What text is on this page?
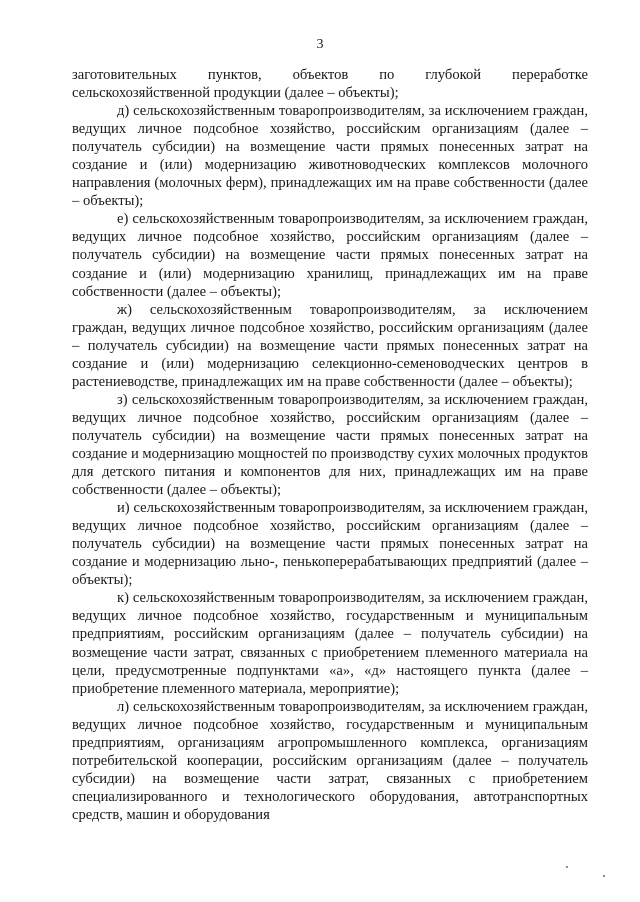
3

заготовительных пунктов, объектов по глубокой переработке сельскохозяйственной продукции (далее – объекты);

д) сельскохозяйственным товаропроизводителям, за исключением граждан, ведущих личное подсобное хозяйство, российским организациям (далее – получатель субсидии) на возмещение части прямых понесенных затрат на создание и (или) модернизацию животноводческих комплексов молочного направления (молочных ферм), принадлежащих им на праве собственности (далее – объекты);

е) сельскохозяйственным товаропроизводителям, за исключением граждан, ведущих личное подсобное хозяйство, российским организациям (далее – получатель субсидии) на возмещение части прямых понесенных затрат на создание и (или) модернизацию хранилищ, принадлежащих им на праве собственности (далее – объекты);

ж) сельскохозяйственным товаропроизводителям, за исключением граждан, ведущих личное подсобное хозяйство, российским организациям (далее – получатель субсидии) на возмещение части прямых понесенных затрат на создание и (или) модернизацию селекционно-семеноводческих центров в растениеводстве, принадлежащих им на праве собственности (далее – объекты);

з) сельскохозяйственным товаропроизводителям, за исключением граждан, ведущих личное подсобное хозяйство, российским организациям (далее – получатель субсидии) на возмещение части прямых понесенных затрат на создание и модернизацию мощностей по производству сухих молочных продуктов для детского питания и компонентов для них, принадлежащих им на праве собственности (далее – объекты);

и) сельскохозяйственным товаропроизводителям, за исключением граждан, ведущих личное подсобное хозяйство, российским организациям (далее – получатель субсидии) на возмещение части прямых понесенных затрат на создание и модернизацию льно-, пенькоперерабатывающих предприятий (далее – объекты);

к) сельскохозяйственным товаропроизводителям, за исключением граждан, ведущих личное подсобное хозяйство, государственным и муниципальным предприятиям, российским организациям (далее – получатель субсидии) на возмещение части затрат, связанных с приобретением племенного материала на цели, предусмотренные подпунктами «а», «д» настоящего пункта (далее – приобретение племенного материала, мероприятие);

л) сельскохозяйственным товаропроизводителям, за исключением граждан, ведущих личное подсобное хозяйство, государственным и муниципальным предприятиям, организациям агропромышленного комплекса, организациям потребительской кооперации, российским организациям (далее – получатель субсидии) на возмещение части затрат, связанных с приобретением специализированного и технологического оборудования, автотранспортных средств, машин и оборудования
